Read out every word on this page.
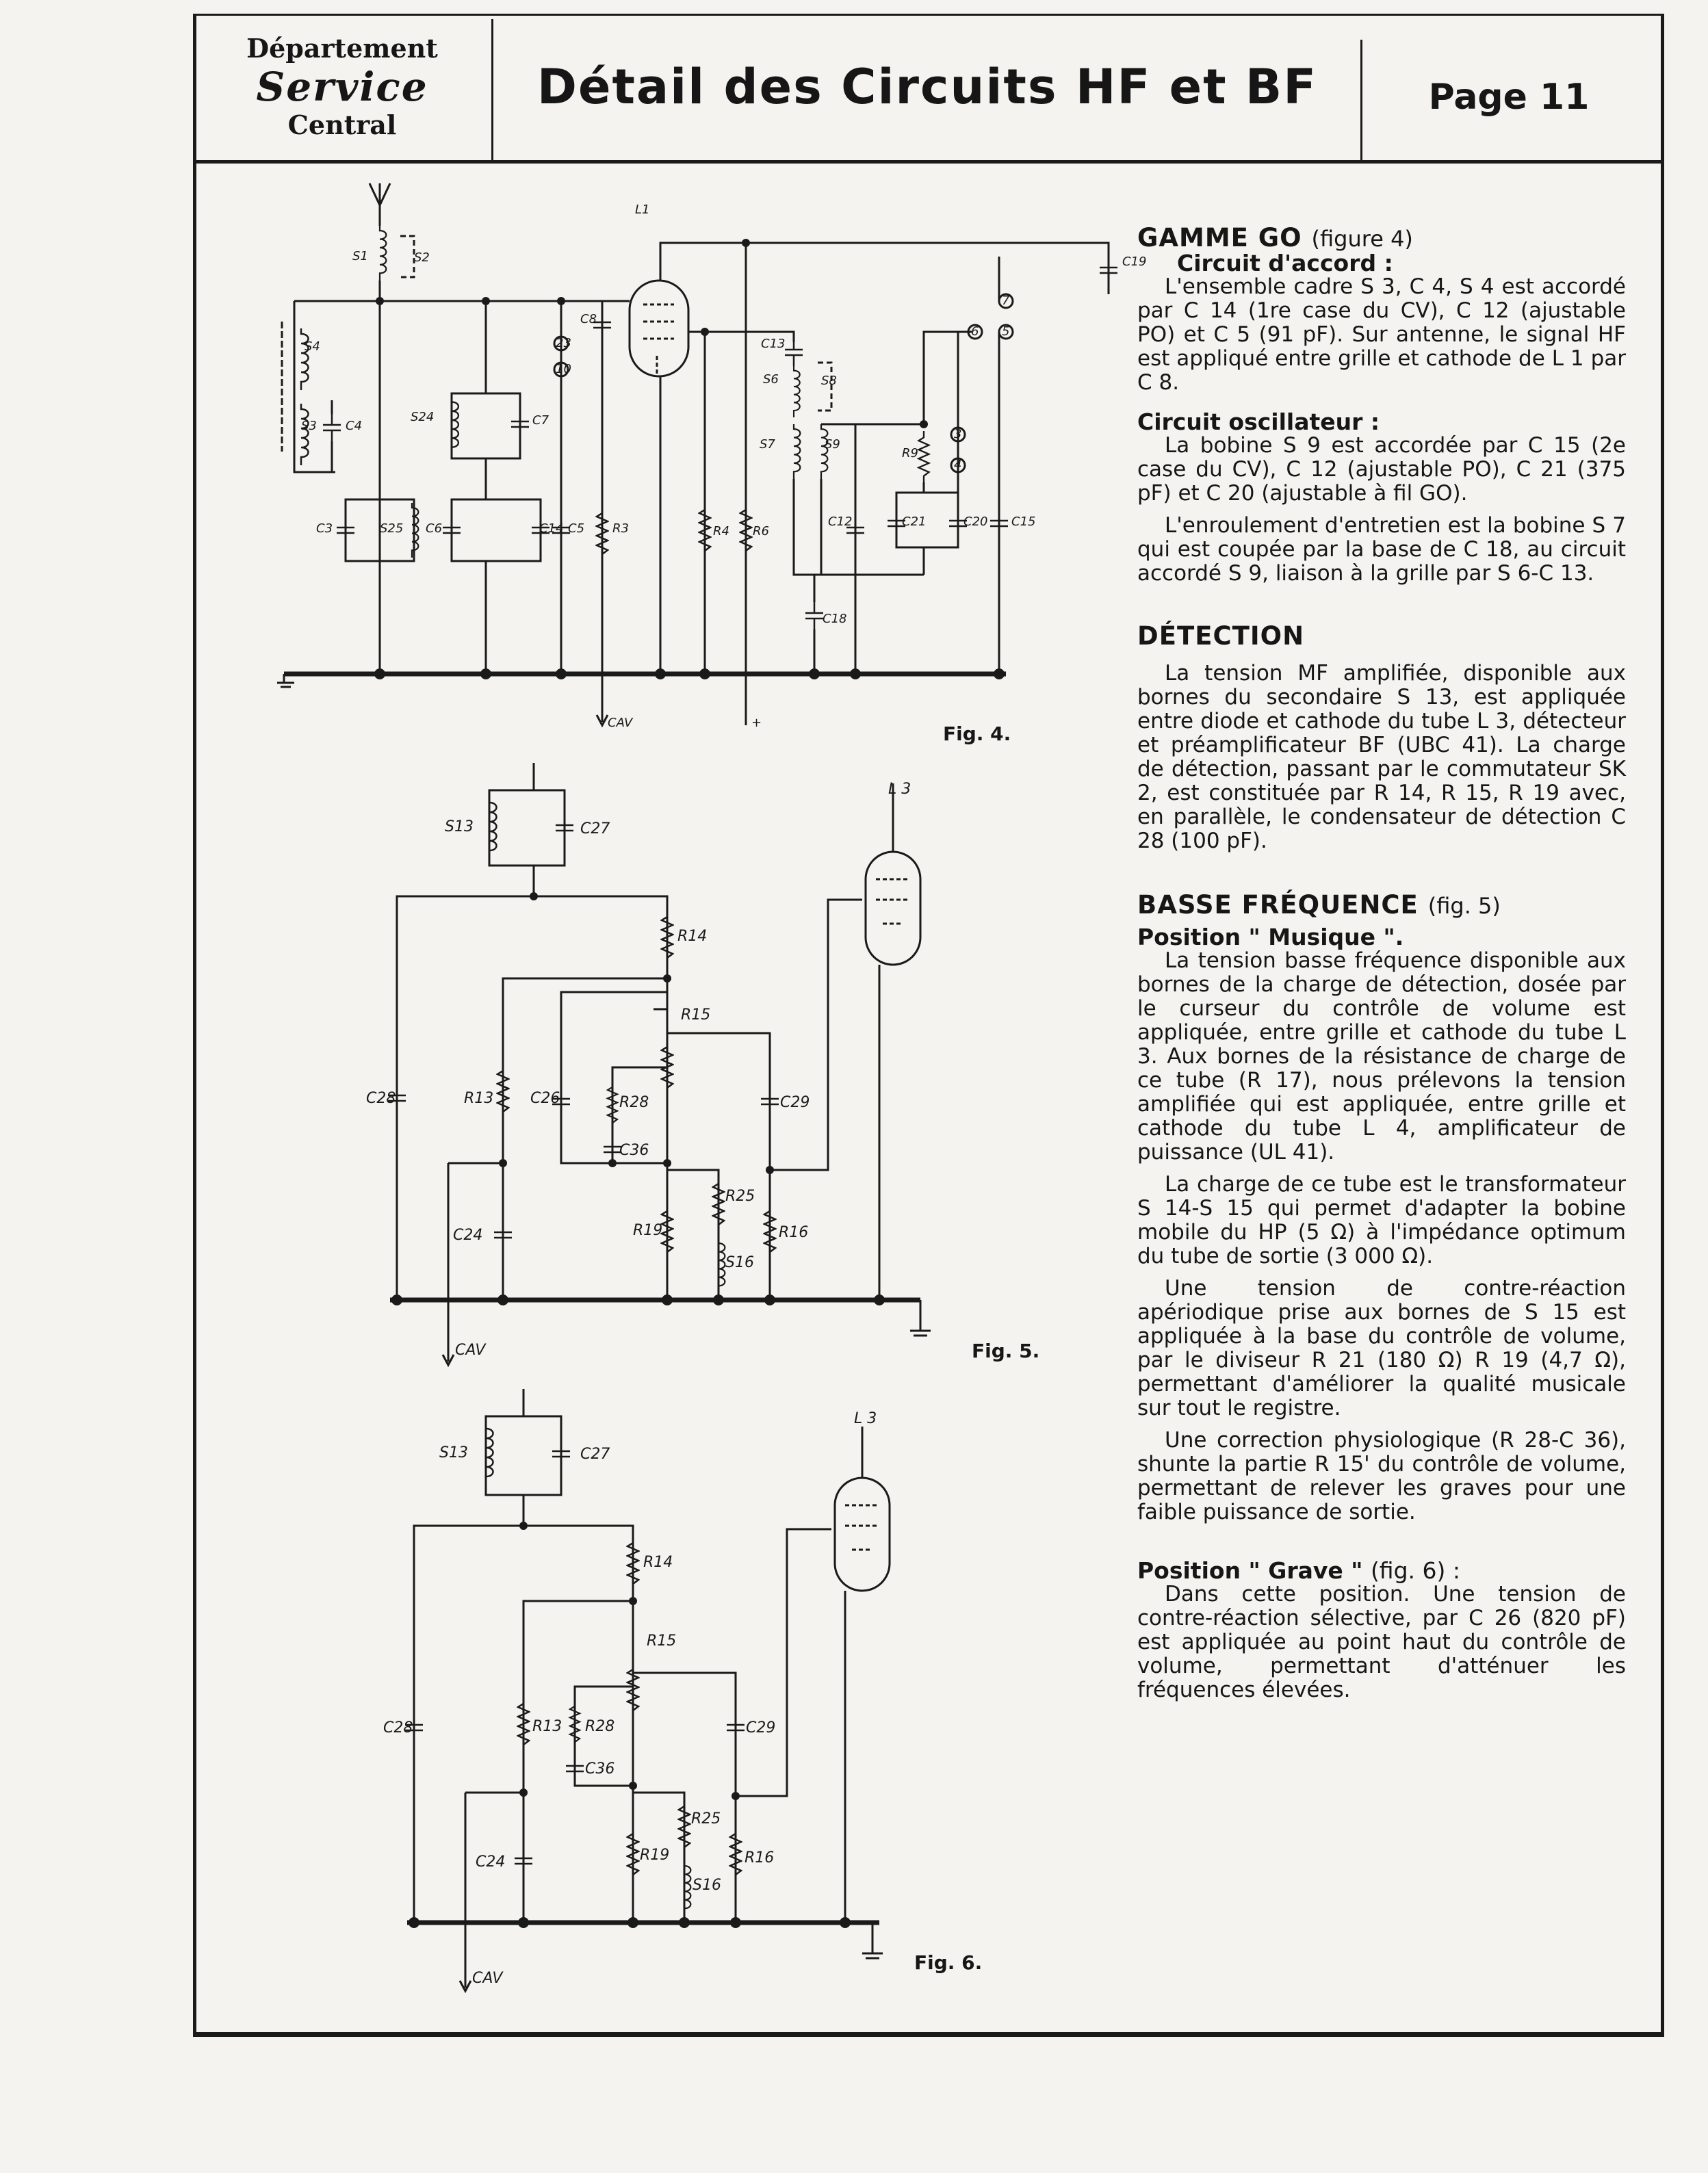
Département
Service
Central
Détail des Circuits HF et BF	Page 11
GAMME GO (figure 4)
Circuit d'accord :

L'ensemble cadre S 3, C 4, S 4 est accordé par C 14 (1re case du CV), C 12 (ajustable PO) et C 5 (91 pF). Sur antenne, le signal HF est appliqué entre grille et cathode de L 1 par C 8.

Circuit oscillateur :

La bobine S 9 est accordée par C 15 (2e case du CV), C 12 (ajustable PO), C 21 (375 pF) et C 20 (ajustable à fil GO).

L'enroulement d'entretien est la bobine S 7 qui est coupée par la base de C 18, au circuit accordé S 9, liaison à la grille par S 6-C 13.

DÉTECTION

La tension MF amplifiée, disponible aux bornes du secondaire S 13, est appliquée entre diode et cathode du tube L 3, détecteur et préamplificateur BF (UBC 41). La charge de détection, passant par le commutateur SK 2, est constituée par R 14, R 15, R 19 avec, en parallèle, le condensateur de détection C 28 (100 pF).

BASSE FRÉQUENCE (fig. 5)
Position " Musique ".

La tension basse fréquence disponible aux bornes de la charge de détection, dosée par le curseur du contrôle de volume est appliquée, entre grille et cathode du tube L 3. Aux bornes de la résistance de charge de ce tube (R 17), nous prélevons la tension amplifiée qui est appliquée, entre grille et cathode du tube L 4, amplificateur de puissance (UL 41).

La charge de ce tube est le transformateur S 14-S 15 qui permet d'adapter la bobine mobile du HP (5 Ω) à l'impédance optimum du tube de sortie (3 000 Ω).

Une tension de contre-réaction apériodique prise aux bornes de S 15 est appliquée à la base du contrôle de volume, par le diviseur R 21 (180 Ω) R 19 (4,7 Ω), permettant d'améliorer la qualité musicale sur tout le registre.

Une correction physiologique (R 28-C 36), shunte la partie R 15' du contrôle de volume, permettant de relever les graves pour une faible puissance de sortie.

Position " Grave " (fig. 6) :

Dans cette position. Une tension de contre-réaction sélective, par C 26 (820 pF) est appliquée au point haut du contrôle de volume, permettant d'atténuer les fréquences élevées.

Fig. 4.
Fig. 5.
Fig. 6.
L1
S1	S2
S4
S3 C4
C3	S25
S24	C7
C6	C14 C5
C8
R3	R4 R6
C13
S6	S8
S7	S9
R9
C12	C21	C20 C15
C18
C19
CAV	+
23
10
7
5
6
3
4
S13	C27
L 3
R14
R15
C28	R13 C26	R28
C36
C29
R25
C24	R19
S16
R16
CAV
S13	C27
L 3
R14
R15
C28	R13 R28
C36
C29
R25
C24	R19
S16
R16
CAV
